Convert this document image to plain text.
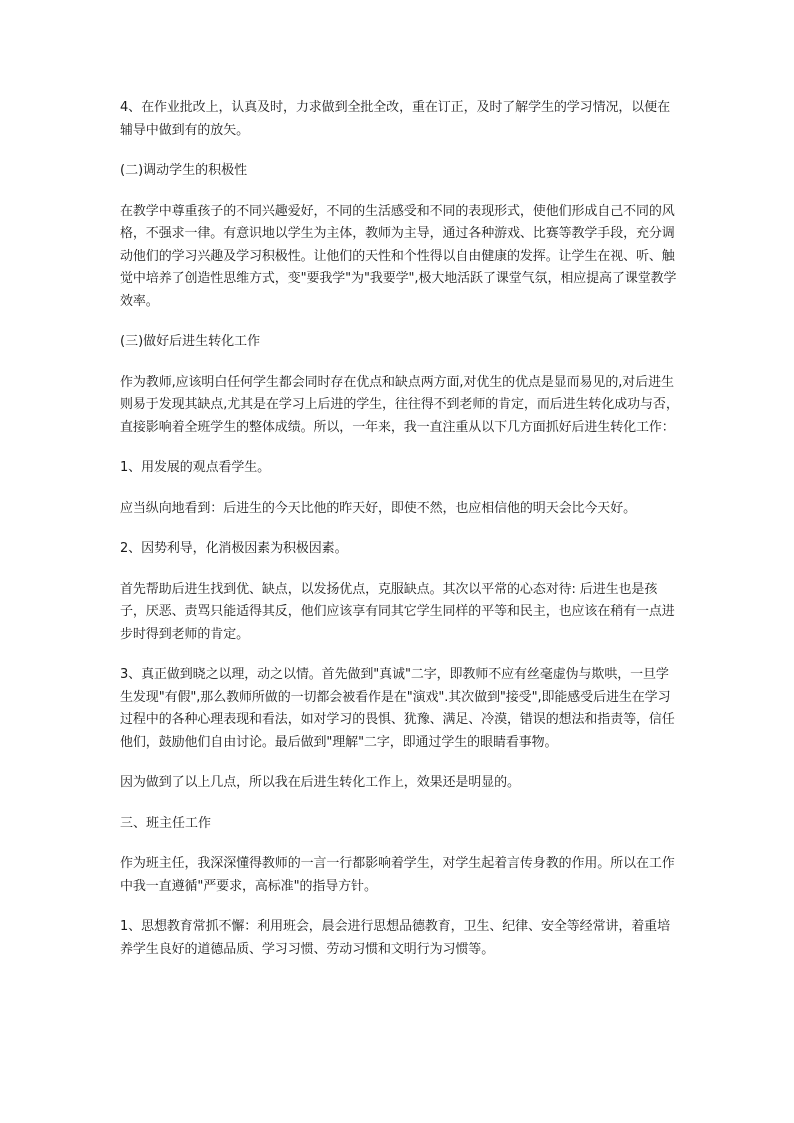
4、在作业批改上，认真及时，力求做到全批全改，重在订正，及时了解学生的学习情况，以便在辅导中做到有的放矢。

(二)调动学生的积极性

在教学中尊重孩子的不同兴趣爱好，不同的生活感受和不同的表现形式，使他们形成自己不同的风格，不强求一律。有意识地以学生为主体，教师为主导，通过各种游戏、比赛等教学手段，充分调动他们的学习兴趣及学习积极性。让他们的天性和个性得以自由健康的发挥。让学生在视、听、触觉中培养了创造性思维方式，变"要我学"为"我要学",极大地活跃了课堂气氛，相应提高了课堂教学效率。

(三)做好后进生转化工作

作为教师,应该明白任何学生都会同时存在优点和缺点两方面,对优生的优点是显而易见的,对后进生则易于发现其缺点,尤其是在学习上后进的学生，往往得不到老师的肯定，而后进生转化成功与否，直接影响着全班学生的整体成绩。所以，一年来，我一直注重从以下几方面抓好后进生转化工作：

1、用发展的观点看学生。

应当纵向地看到：后进生的今天比他的昨天好，即使不然，也应相信他的明天会比今天好。

2、因势利导，化消极因素为积极因素。

首先帮助后进生找到优、缺点，以发扬优点，克服缺点。其次以平常的心态对待: 后进生也是孩子，厌恶、责骂只能适得其反，他们应该享有同其它学生同样的平等和民主，也应该在稍有一点进步时得到老师的肯定。

3、真正做到晓之以理，动之以情。首先做到"真诚"二字，即教师不应有丝毫虚伪与欺哄，一旦学生发现"有假",那么教师所做的一切都会被看作是在"演戏".其次做到"接受",即能感受后进生在学习过程中的各种心理表现和看法，如对学习的畏惧、犹豫、满足、冷漠，错误的想法和指责等，信任他们，鼓励他们自由讨论。最后做到"理解"二字，即通过学生的眼睛看事物。

因为做到了以上几点，所以我在后进生转化工作上，效果还是明显的。

三、班主任工作

作为班主任，我深深懂得教师的一言一行都影响着学生，对学生起着言传身教的作用。所以在工作中我一直遵循"严要求，高标准"的指导方针。

1、思想教育常抓不懈：利用班会，晨会进行思想品德教育，卫生、纪律、安全等经常讲，着重培养学生良好的道德品质、学习习惯、劳动习惯和文明行为习惯等。
